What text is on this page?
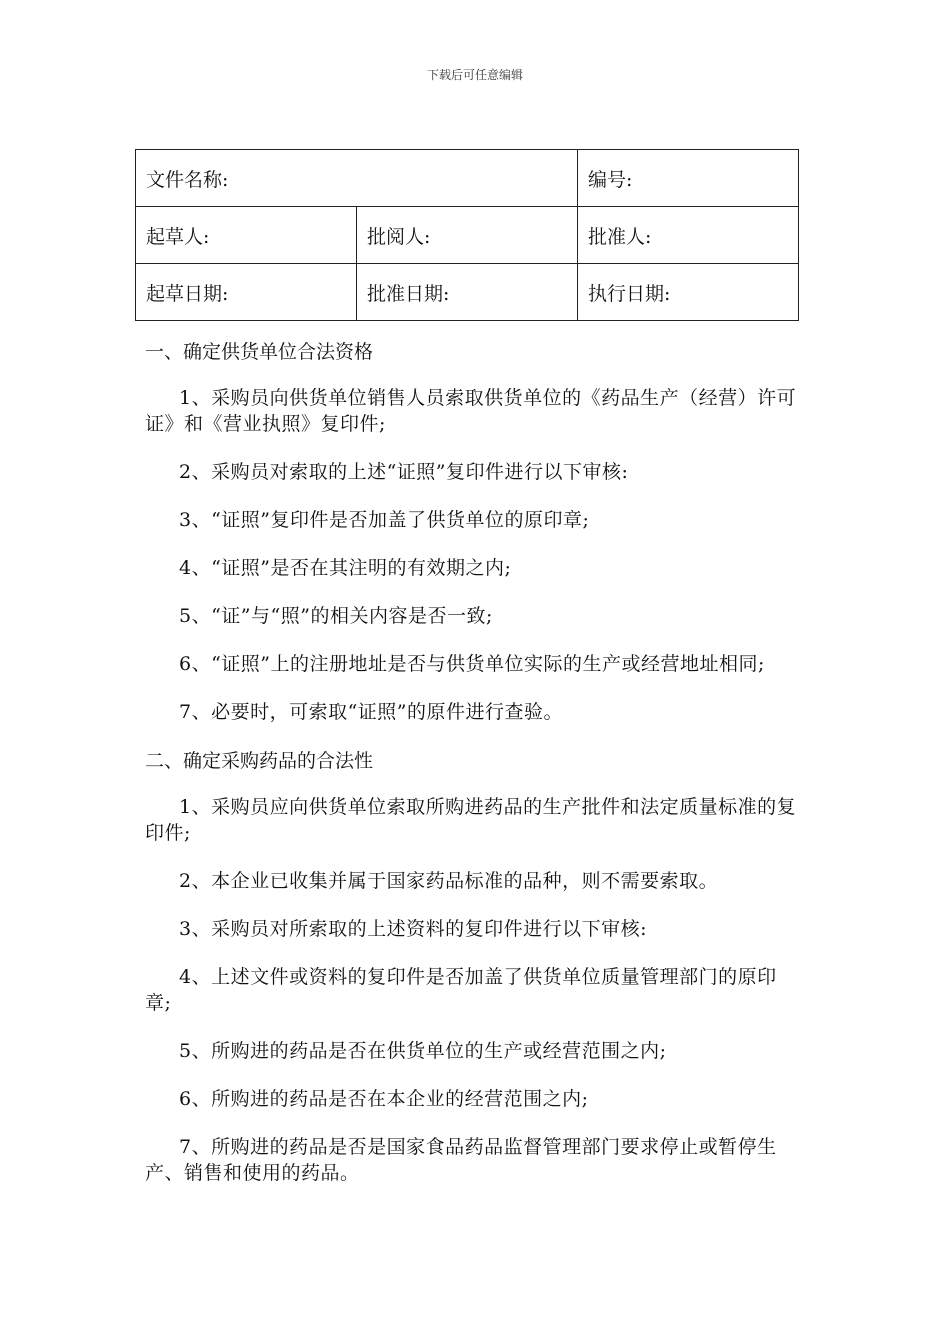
下载后可任意编辑
文件名称:		编号:
起草人:	批阅人:	批准人:
起草日期:	批准日期:	执行日期:
一、确定供货单位合法资格

1、采购员向供货单位销售人员索取供货单位的《药品生产（经营）许可证》和《营业执照》复印件;

2、采购员对索取的上述“证照”复印件进行以下审核:

3、“证照”复印件是否加盖了供货单位的原印章;

4、“证照”是否在其注明的有效期之内;

5、“证”与“照”的相关内容是否一致;

6、“证照”上的注册地址是否与供货单位实际的生产或经营地址相同;

7、必要时，可索取“证照”的原件进行查验。

二、确定采购药品的合法性

1、采购员应向供货单位索取所购进药品的生产批件和法定质量标准的复印件;

2、本企业已收集并属于国家药品标准的品种，则不需要索取。

3、采购员对所索取的上述资料的复印件进行以下审核:

4、上述文件或资料的复印件是否加盖了供货单位质量管理部门的原印章;

5、所购进的药品是否在供货单位的生产或经营范围之内;

6、所购进的药品是否在本企业的经营范围之内;

7、所购进的药品是否是国家食品药品监督管理部门要求停止或暂停生产、销售和使用的药品。
